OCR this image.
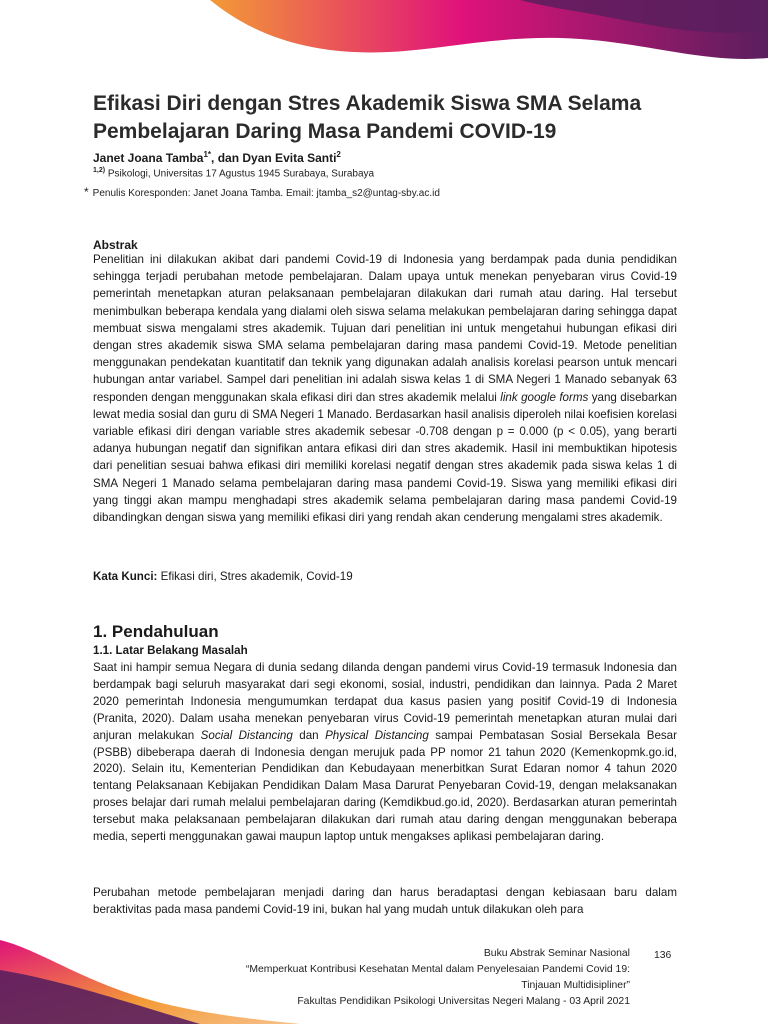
Efikasi Diri dengan Stres Akademik Siswa SMA Selama Pembelajaran Daring Masa Pandemi COVID-19
Janet Joana Tamba$^{1*}$, dan Dyan Evita Santi$^2$
$^{1,2)}$ Psikologi, Universitas 17 Agustus 1945 Surabaya, Surabaya
* Penulis Koresponden: Janet Joana Tamba. Email: jtamba_s2@untag-sby.ac.id
Abstrak

Penelitian ini dilakukan akibat dari pandemi Covid-19 di Indonesia yang berdampak pada dunia pendidikan sehingga terjadi perubahan metode pembelajaran. Dalam upaya untuk menekan penyebaran virus Covid-19 pemerintah menetapkan aturan pelaksanaan pembelajaran dilakukan dari rumah atau daring. Hal tersebut menimbulkan beberapa kendala yang dialami oleh siswa selama melakukan pembelajaran daring sehingga dapat membuat siswa mengalami stres akademik. Tujuan dari penelitian ini untuk mengetahui hubungan efikasi diri dengan stres akademik siswa SMA selama pembelajaran daring masa pandemi Covid-19. Metode penelitian menggunakan pendekatan kuantitatif dan teknik yang digunakan adalah analisis korelasi pearson untuk mencari hubungan antar variabel. Sampel dari penelitian ini adalah siswa kelas 1 di SMA Negeri 1 Manado sebanyak 63 responden dengan menggunakan skala efikasi diri dan stres akademik melalui link google forms yang disebarkan lewat media sosial dan guru di SMA Negeri 1 Manado. Berdasarkan hasil analisis diperoleh nilai koefisien korelasi variable efikasi diri dengan variable stres akademik sebesar -0.708 dengan p = 0.000 (p < 0.05), yang berarti adanya hubungan negatif dan signifikan antara efikasi diri dan stres akademik. Hasil ini membuktikan hipotesis dari penelitian sesuai bahwa efikasi diri memiliki korelasi negatif dengan stres akademik pada siswa kelas 1 di SMA Negeri 1 Manado selama pembelajaran daring masa pandemi Covid-19. Siswa yang memiliki efikasi diri yang tinggi akan mampu menghadapi stres akademik selama pembelajaran daring masa pandemi Covid-19 dibandingkan dengan siswa yang memiliki efikasi diri yang rendah akan cenderung mengalami stres akademik.

Kata Kunci: Efikasi diri, Stres akademik, Covid-19
1. Pendahuluan
1.1. Latar Belakang Masalah

Saat ini hampir semua Negara di dunia sedang dilanda dengan pandemi virus Covid-19 termasuk Indonesia dan berdampak bagi seluruh masyarakat dari segi ekonomi, sosial, industri, pendidikan dan lainnya. Pada 2 Maret 2020 pemerintah Indonesia mengumumkan terdapat dua kasus pasien yang positif Covid-19 di Indonesia (Pranita, 2020). Dalam usaha menekan penyebaran virus Covid-19 pemerintah menetapkan aturan mulai dari anjuran melakukan Social Distancing dan Physical Distancing sampai Pembatasan Sosial Bersekala Besar (PSBB) dibeberapa daerah di Indonesia dengan merujuk pada PP nomor 21 tahun 2020 (Kemenkopmk.go.id, 2020). Selain itu, Kementerian Pendidikan dan Kebudayaan menerbitkan Surat Edaran nomor 4 tahun 2020 tentang Pelaksanaan Kebijakan Pendidikan Dalam Masa Darurat Penyebaran Covid-19, dengan melaksanakan proses belajar dari rumah melalui pembelajaran daring (Kemdikbud.go.id, 2020). Berdasarkan aturan pemerintah tersebut maka pelaksanaan pembelajaran dilakukan dari rumah atau daring dengan menggunakan beberapa media, seperti menggunakan gawai maupun laptop untuk mengakses aplikasi pembelajaran daring.

Perubahan metode pembelajaran menjadi daring dan harus beradaptasi dengan kebiasaan baru dalam beraktivitas pada masa pandemi Covid-19 ini, bukan hal yang mudah untuk dilakukan oleh para

Buku Abstrak Seminar Nasional
“Memperkuat Kontribusi Kesehatan Mental dalam Penyelesaian Pandemi Covid 19:
Tinjauan Multidisipliner”
Fakultas Pendidikan Psikologi Universitas Negeri Malang - 03 April 2021
136
